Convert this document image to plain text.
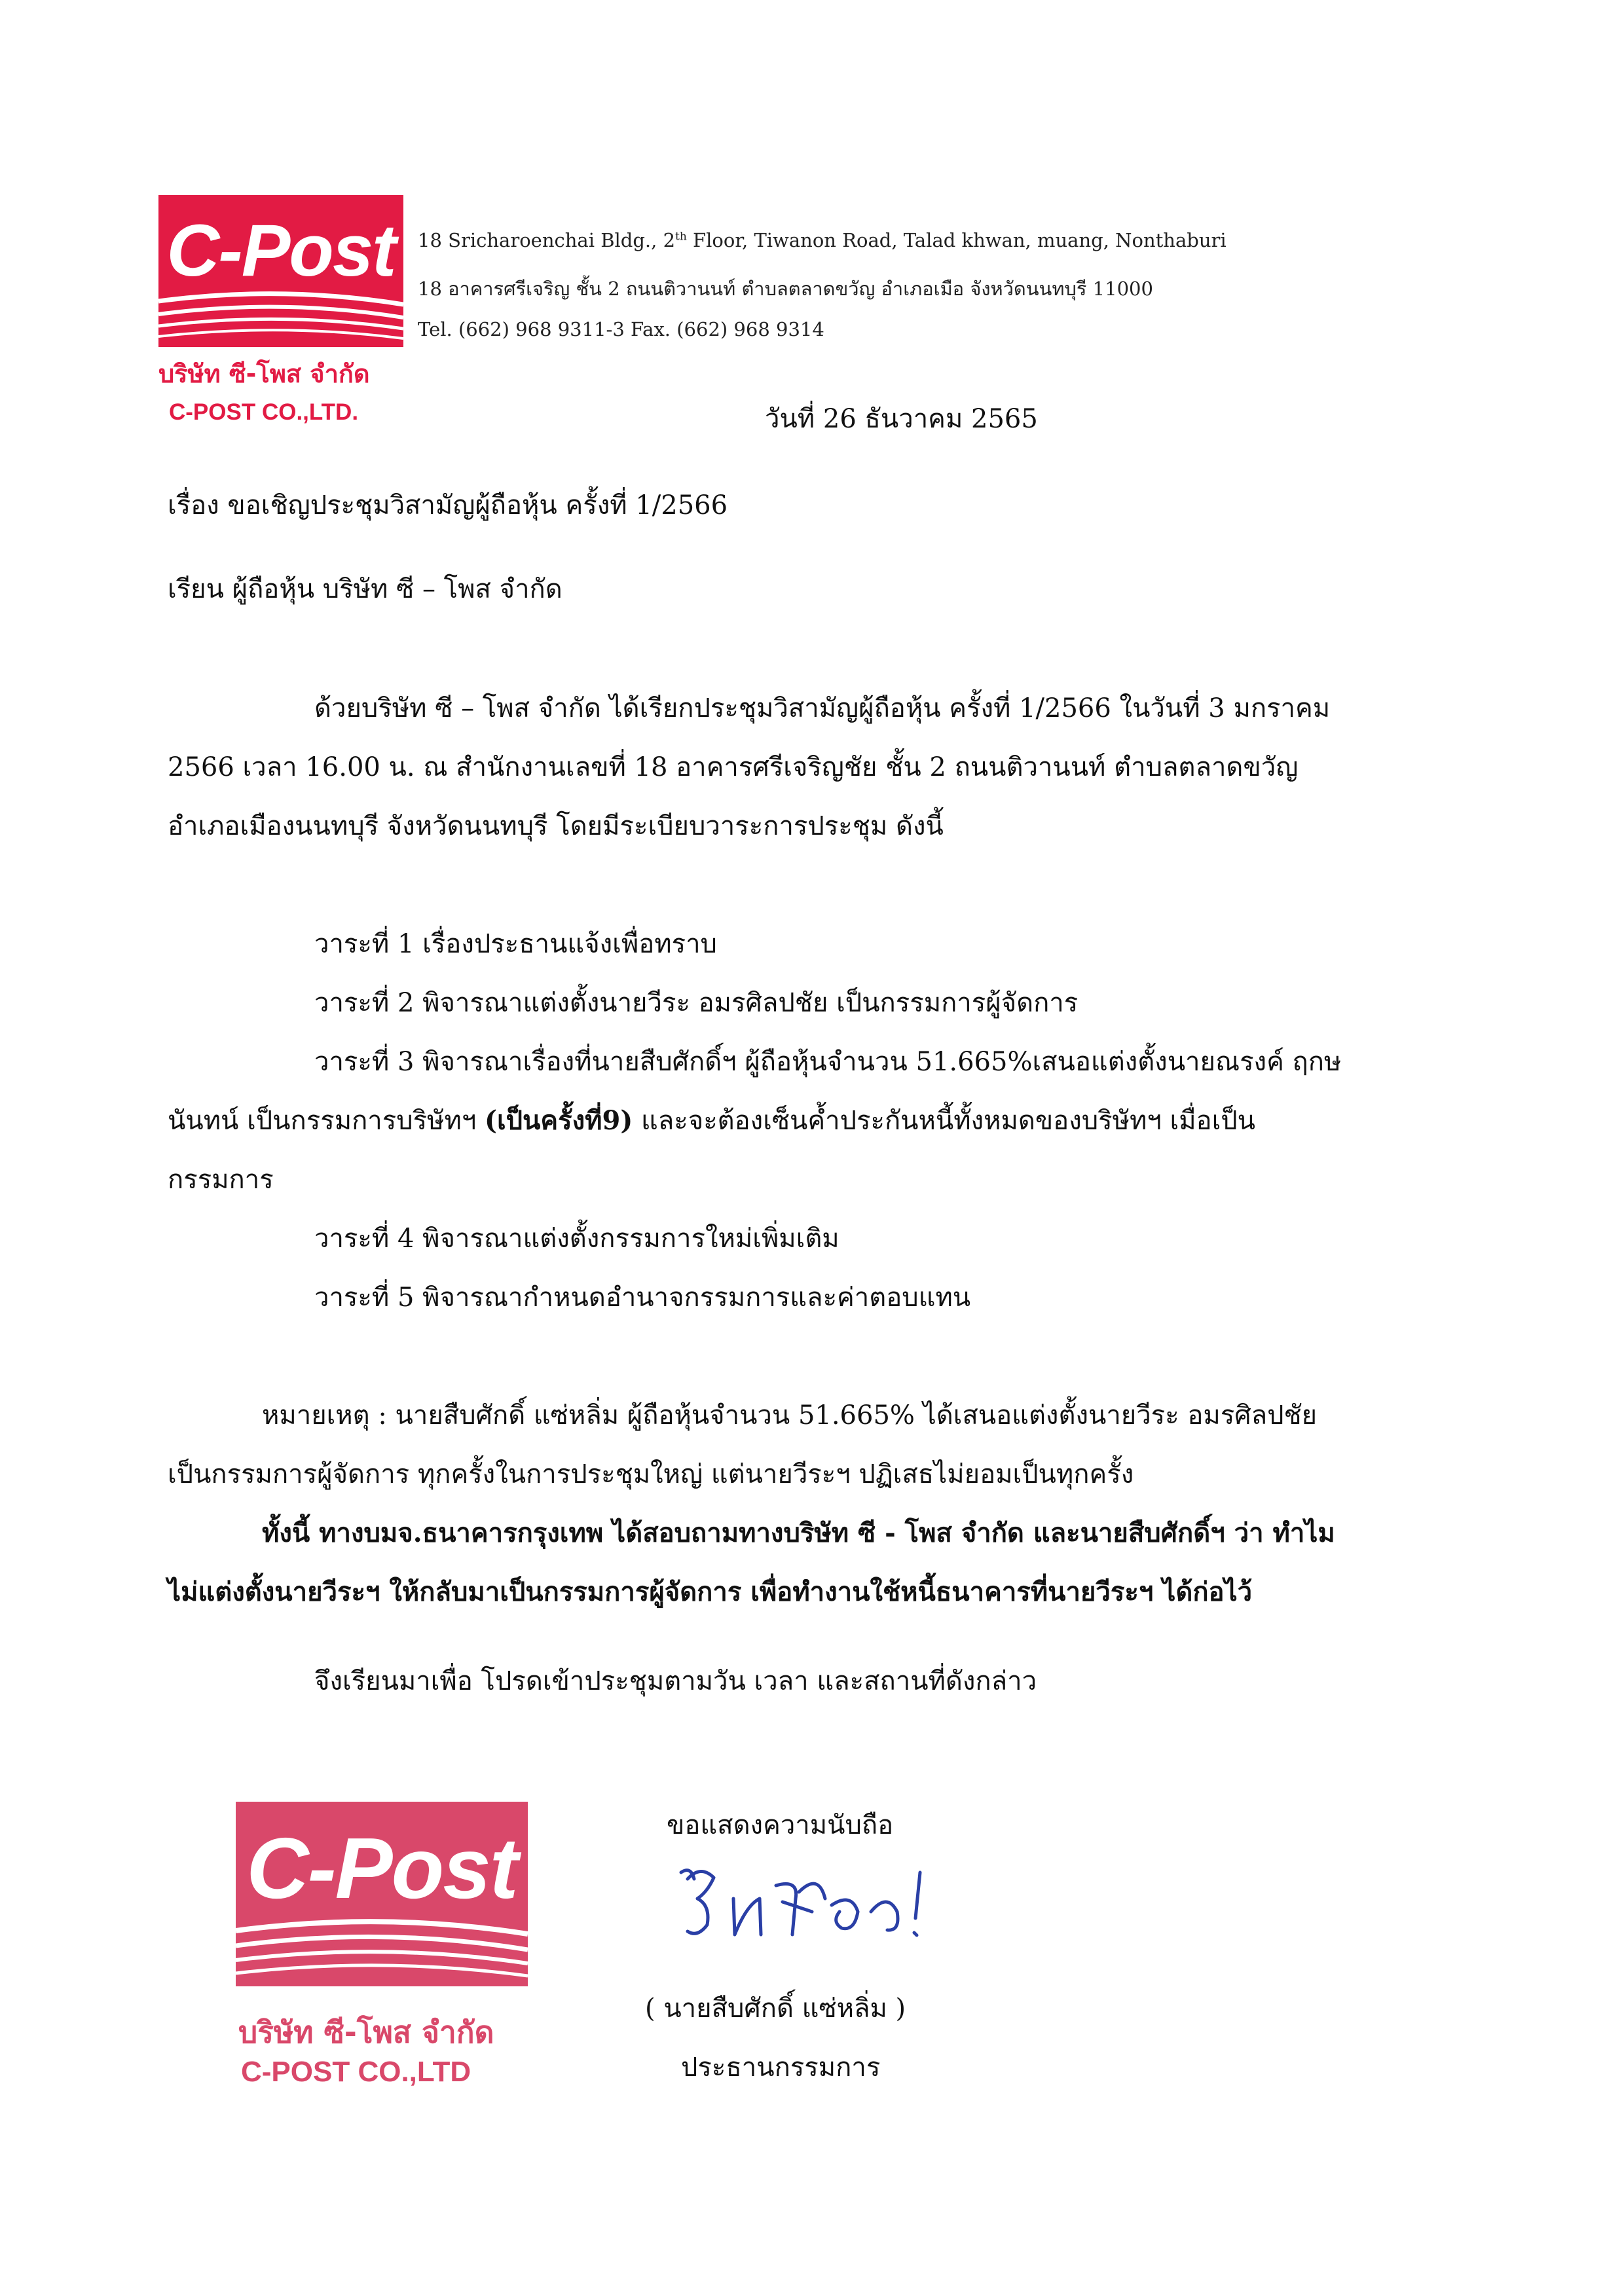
C-Post
บริษัท ซี-โพส จำกัด
C-POST CO.,LTD.
18 Sricharoenchai Bldg., 2th Floor, Tiwanon Road, Talad khwan, muang, Nonthaburi
18 อาคารศรีเจริญ ชั้น 2 ถนนติวานนท์ ตำบลตลาดขวัญ อำเภอเมือ จังหวัดนนทบุรี 11000
Tel. (662) 968 9311-3 Fax. (662) 968 9314
วันที่ 26 ธันวาคม 2565
เรื่อง ขอเชิญประชุมวิสามัญผู้ถือหุ้น ครั้งที่ 1/2566
เรียน ผู้ถือหุ้น บริษัท ซี – โพส จำกัด
ด้วยบริษัท ซี – โพส จำกัด ได้เรียกประชุมวิสามัญผู้ถือหุ้น ครั้งที่ 1/2566 ในวันที่ 3 มกราคม
2566 เวลา 16.00 น. ณ สำนักงานเลขที่ 18 อาคารศรีเจริญชัย ชั้น 2 ถนนติวานนท์ ตำบลตลาดขวัญ
อำเภอเมืองนนทบุรี จังหวัดนนทบุรี โดยมีระเบียบวาระการประชุม ดังนี้
วาระที่ 1 เรื่องประธานแจ้งเพื่อทราบ
วาระที่ 2 พิจารณาแต่งตั้งนายวีระ อมรศิลปชัย เป็นกรรมการผู้จัดการ
วาระที่ 3 พิจารณาเรื่องที่นายสืบศักดิ์ฯ ผู้ถือหุ้นจำนวน 51.665%เสนอแต่งตั้งนายณรงค์ ฤกษ
นันทน์ เป็นกรรมการบริษัทฯ (เป็นครั้งที่9) และจะต้องเซ็นค้ำประกันหนี้ทั้งหมดของบริษัทฯ เมื่อเป็น
กรรมการ
วาระที่ 4 พิจารณาแต่งตั้งกรรมการใหม่เพิ่มเติม
วาระที่ 5 พิจารณากำหนดอำนาจกรรมการและค่าตอบแทน
หมายเหตุ : นายสืบศักดิ์ แซ่หลิ่ม ผู้ถือหุ้นจำนวน 51.665% ได้เสนอแต่งตั้งนายวีระ อมรศิลปชัย
เป็นกรรมการผู้จัดการ ทุกครั้งในการประชุมใหญ่ แต่นายวีระฯ ปฏิเสธไม่ยอมเป็นทุกครั้ง
ทั้งนี้ ทางบมจ.ธนาคารกรุงเทพ ได้สอบถามทางบริษัท ซี - โพส จำกัด และนายสืบศักดิ์ฯ ว่า ทำไม
ไม่แต่งตั้งนายวีระฯ ให้กลับมาเป็นกรรมการผู้จัดการ เพื่อทำงานใช้หนี้ธนาคารที่นายวีระฯ ได้ก่อไว้
จึงเรียนมาเพื่อ โปรดเข้าประชุมตามวัน เวลา และสถานที่ดังกล่าว
ขอแสดงความนับถือ
( นายสืบศักดิ์ แซ่หลิ่ม )
ประธานกรรมการ
C-Post
บริษัท ซี-โพส จำกัด
C-POST CO.,LTD
